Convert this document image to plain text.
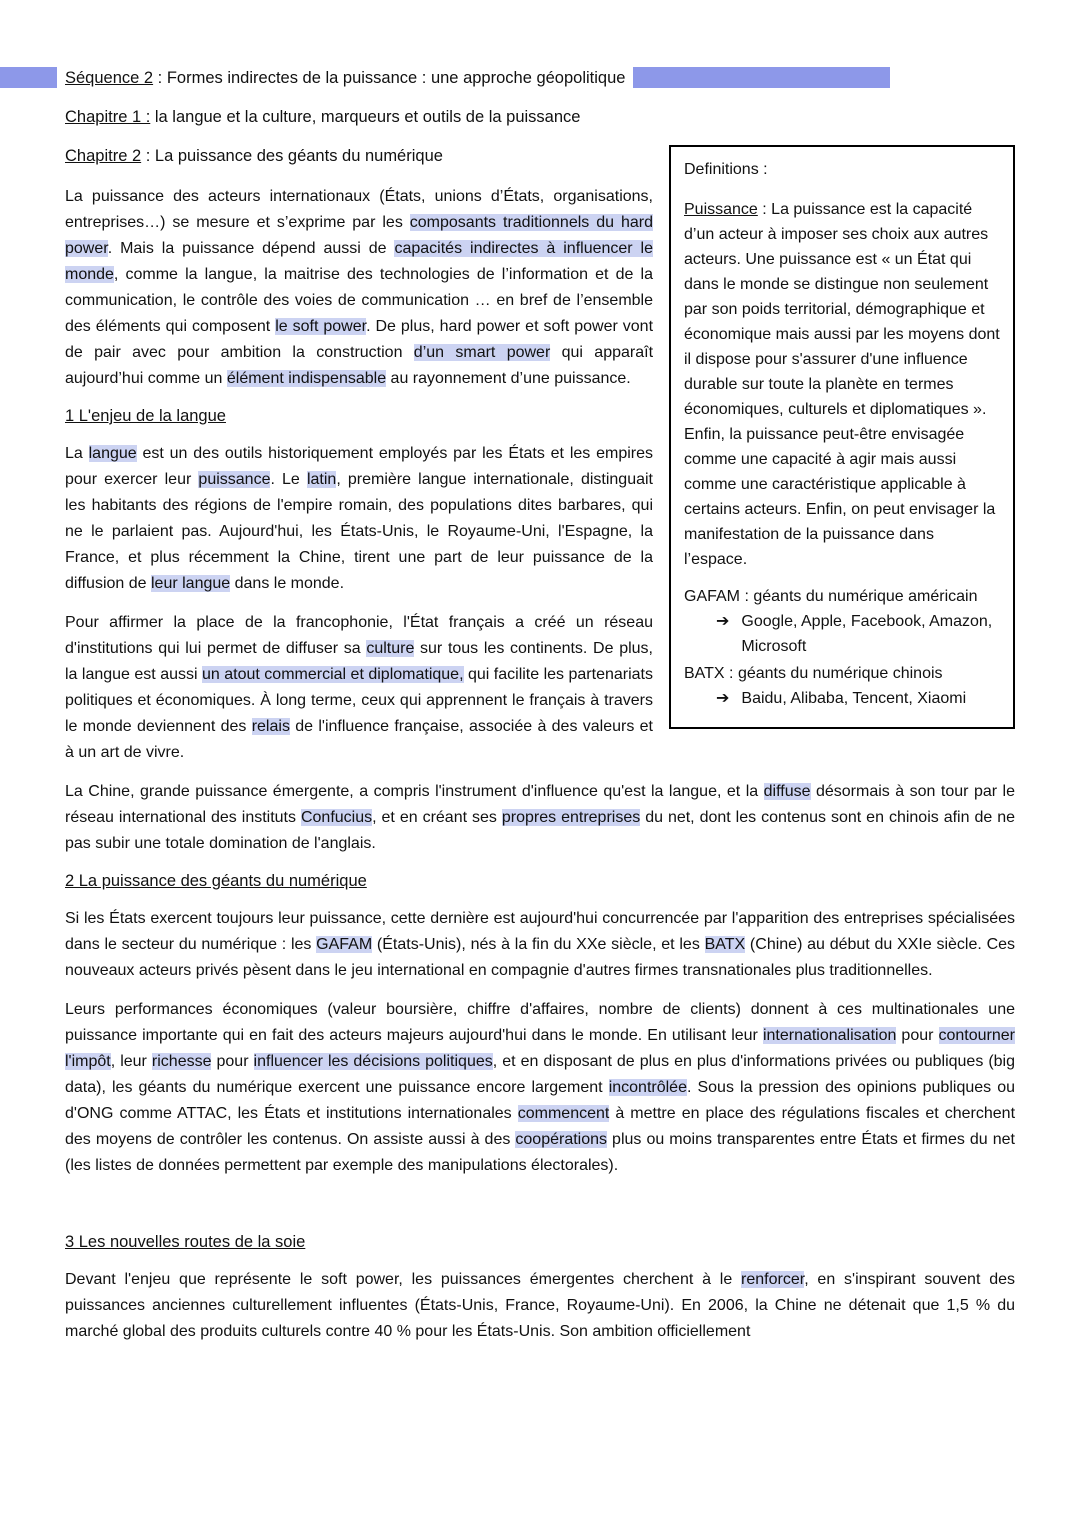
Séquence 2 : Formes indirectes de la puissance : une approche géopolitique

Chapitre 1 : la langue et la culture, marqueurs et outils de la puissance

Chapitre 2 : La puissance des géants du numérique

La puissance des acteurs internationaux (États, unions d’États, organisations, entreprises…) se mesure et s’exprime par les composants traditionnels du hard power. Mais la puissance dépend aussi de capacités indirectes à influencer le monde, comme la langue, la maitrise des technologies de l’information et de la communication, le contrôle des voies de communication … en bref de l’ensemble des éléments qui composent le soft power. De plus, hard power et soft power vont de pair avec pour ambition la construction d’un smart power qui apparaît aujourd’hui comme un élément indispensable au rayonnement d’une puissance.

1 L'enjeu de la langue

La langue est un des outils historiquement employés par les États et les empires pour exercer leur puissance. Le latin, première langue internationale, distinguait les habitants des régions de l'empire romain, des populations dites barbares, qui ne le parlaient pas. Aujourd'hui, les États-Unis, le Royaume-Uni, l'Espagne, la France, et plus récemment la Chine, tirent une part de leur puissance de la diffusion de leur langue dans le monde.

Pour affirmer la place de la francophonie, l'État français a créé un réseau d'institutions qui lui permet de diffuser sa culture sur tous les continents. De plus, la langue est aussi un atout commercial et diplomatique, qui facilite les partenariats politiques et économiques. À long terme, ceux qui apprennent le français à travers le monde deviennent des relais de l'influence française, associée à des valeurs et à un art de vivre.

Definitions :

Puissance : La puissance est la capacité d’un acteur à imposer ses choix aux autres acteurs. Une puissance est « un État qui dans le monde se distingue non seulement par son poids territorial, démographique et économique mais aussi par les moyens dont il dispose pour s'assurer d'une influence durable sur toute la planète en termes économiques, culturels et diplomatiques ». Enfin, la puissance peut-être envisagée comme une capacité à agir mais aussi comme une caractéristique applicable à certains acteurs. Enfin, on peut envisager la manifestation de la puissance dans l’espace.

GAFAM : géants du numérique américain

➔ Google, Apple, Facebook, Amazon, Microsoft

BATX : géants du numérique chinois

➔ Baidu, Alibaba, Tencent, Xiaomi

La Chine, grande puissance émergente, a compris l'instrument d'influence qu'est la langue, et la diffuse désormais à son tour par le réseau international des instituts Confucius, et en créant ses propres entreprises du net, dont les contenus sont en chinois afin de ne pas subir une totale domination de l'anglais.

2 La puissance des géants du numérique

Si les États exercent toujours leur puissance, cette dernière est aujourd'hui concurrencée par l'apparition des entreprises spécialisées dans le secteur du numérique : les GAFAM (États-Unis), nés à la fin du XXe siècle, et les BATX (Chine) au début du XXIe siècle. Ces nouveaux acteurs privés pèsent dans le jeu international en compagnie d'autres firmes transnationales plus traditionnelles.

Leurs performances économiques (valeur boursière, chiffre d'affaires, nombre de clients) donnent à ces multinationales une puissance importante qui en fait des acteurs majeurs aujourd'hui dans le monde. En utilisant leur internationalisation pour contourner l'impôt, leur richesse pour influencer les décisions politiques, et en disposant de plus en plus d'informations privées ou publiques (big data), les géants du numérique exercent une puissance encore largement incontrôlée. Sous la pression des opinions publiques ou d'ONG comme ATTAC, les États et institutions internationales commencent à mettre en place des régulations fiscales et cherchent des moyens de contrôler les contenus. On assiste aussi à des coopérations plus ou moins transparentes entre États et firmes du net (les listes de données permettent par exemple des manipulations électorales).

3 Les nouvelles routes de la soie

Devant l'enjeu que représente le soft power, les puissances émergentes cherchent à le renforcer, en s'inspirant souvent des puissances anciennes culturellement influentes (États-Unis, France, Royaume-Uni). En 2006, la Chine ne détenait que 1,5 % du marché global des produits culturels contre 40 % pour les États-Unis. Son ambition officiellement
